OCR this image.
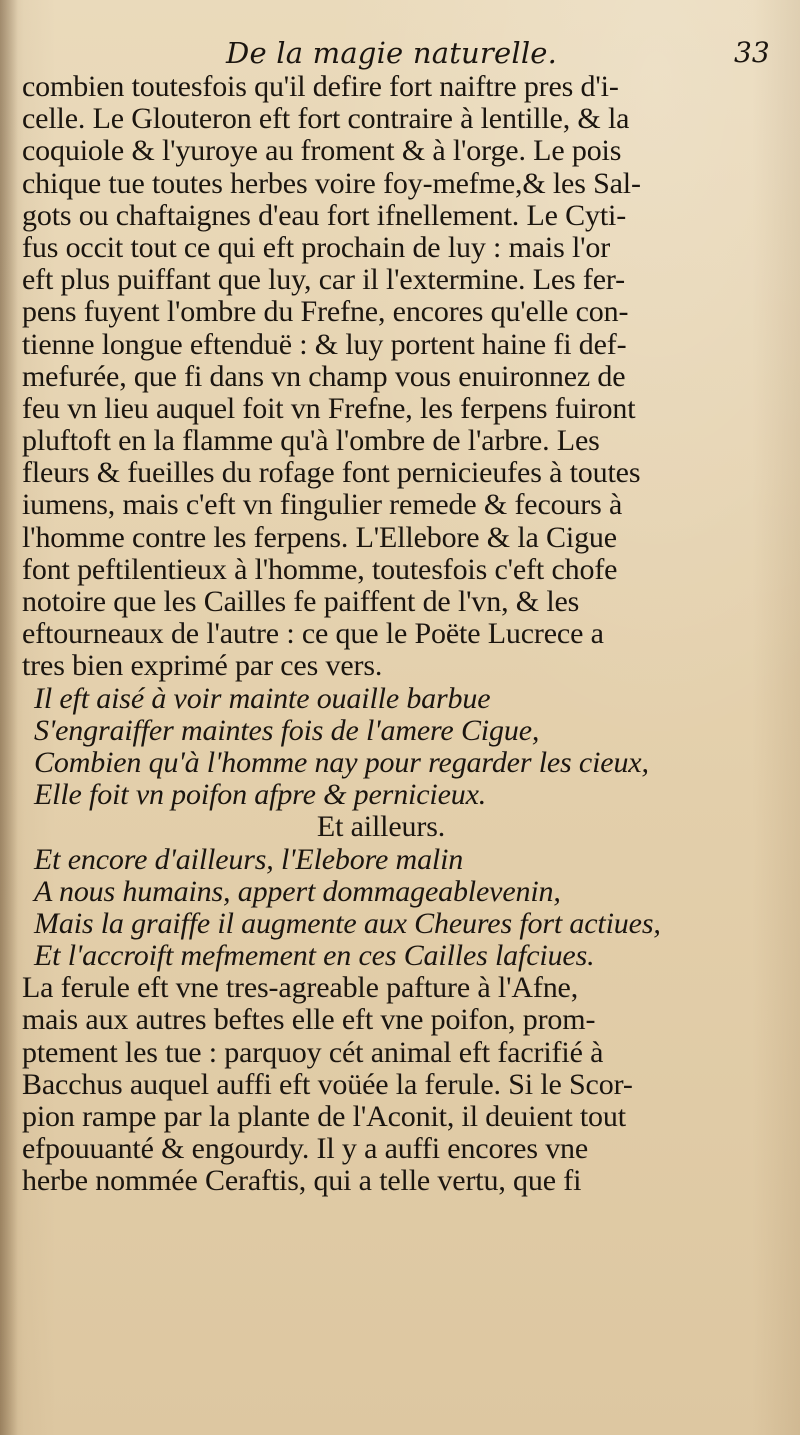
De la magie naturelle.	33
combien toutesfois qu'il defire fort naiftre pres d'i-
celle. Le Glouteron eft fort contraire à lentille, & la
coquiole & l'yuroye au froment & à l'orge. Le pois
chique tue toutes herbes voire foy-mefme,& les Sal-
gots ou chaftaignes d'eau fort ifnellement. Le Cyti-
fus occit tout ce qui eft prochain de luy : mais l'or
eft plus puiffant que luy, car il l'extermine. Les fer-
pens fuyent l'ombre du Frefne, encores qu'elle con-
tienne longue eftenduë : & luy portent haine fi def-
mefurée, que fi dans vn champ vous enuironnez de
feu vn lieu auquel foit vn Frefne, les ferpens fuiront
pluftoft en la flamme qu'à l'ombre de l'arbre. Les
fleurs & fueilles du rofage font pernicieufes à toutes
iumens, mais c'eft vn fingulier remede & fecours à
l'homme contre les ferpens. L'Ellebore & la Cigue
font peftilentieux à l'homme, toutesfois c'eft chofe
notoire que les Cailles fe paiffent de l'vn, & les
eftourneaux de l'autre : ce que le Poëte Lucrece a
tres bien exprimé par ces vers.
Il eft aisé à voir mainte ouaille barbue
S'engraiffer maintes fois de l'amere Cigue,
Combien qu'à l'homme nay pour regarder les cieux,
Elle foit vn poifon afpre & pernicieux.
Et ailleurs.
Et encore d'ailleurs, l'Elebore malin
A nous humains, appert dommageablevenin,
Mais la graiffe il augmente aux Cheures fort actiues,
Et l'accroift mefmement en ces Cailles lafciues.
La ferule eft vne tres-agreable pafture à l'Afne,
mais aux autres beftes elle eft vne poifon, prom-
ptement les tue : parquoy cét animal eft facrifié à
Bacchus auquel auffi eft voüée la ferule. Si le Scor-
pion rampe par la plante de l'Aconit, il deuient tout
efpouuanté & engourdy. Il y a auffi encores vne
herbe nommée Ceraftis, qui a telle vertu, que fi
